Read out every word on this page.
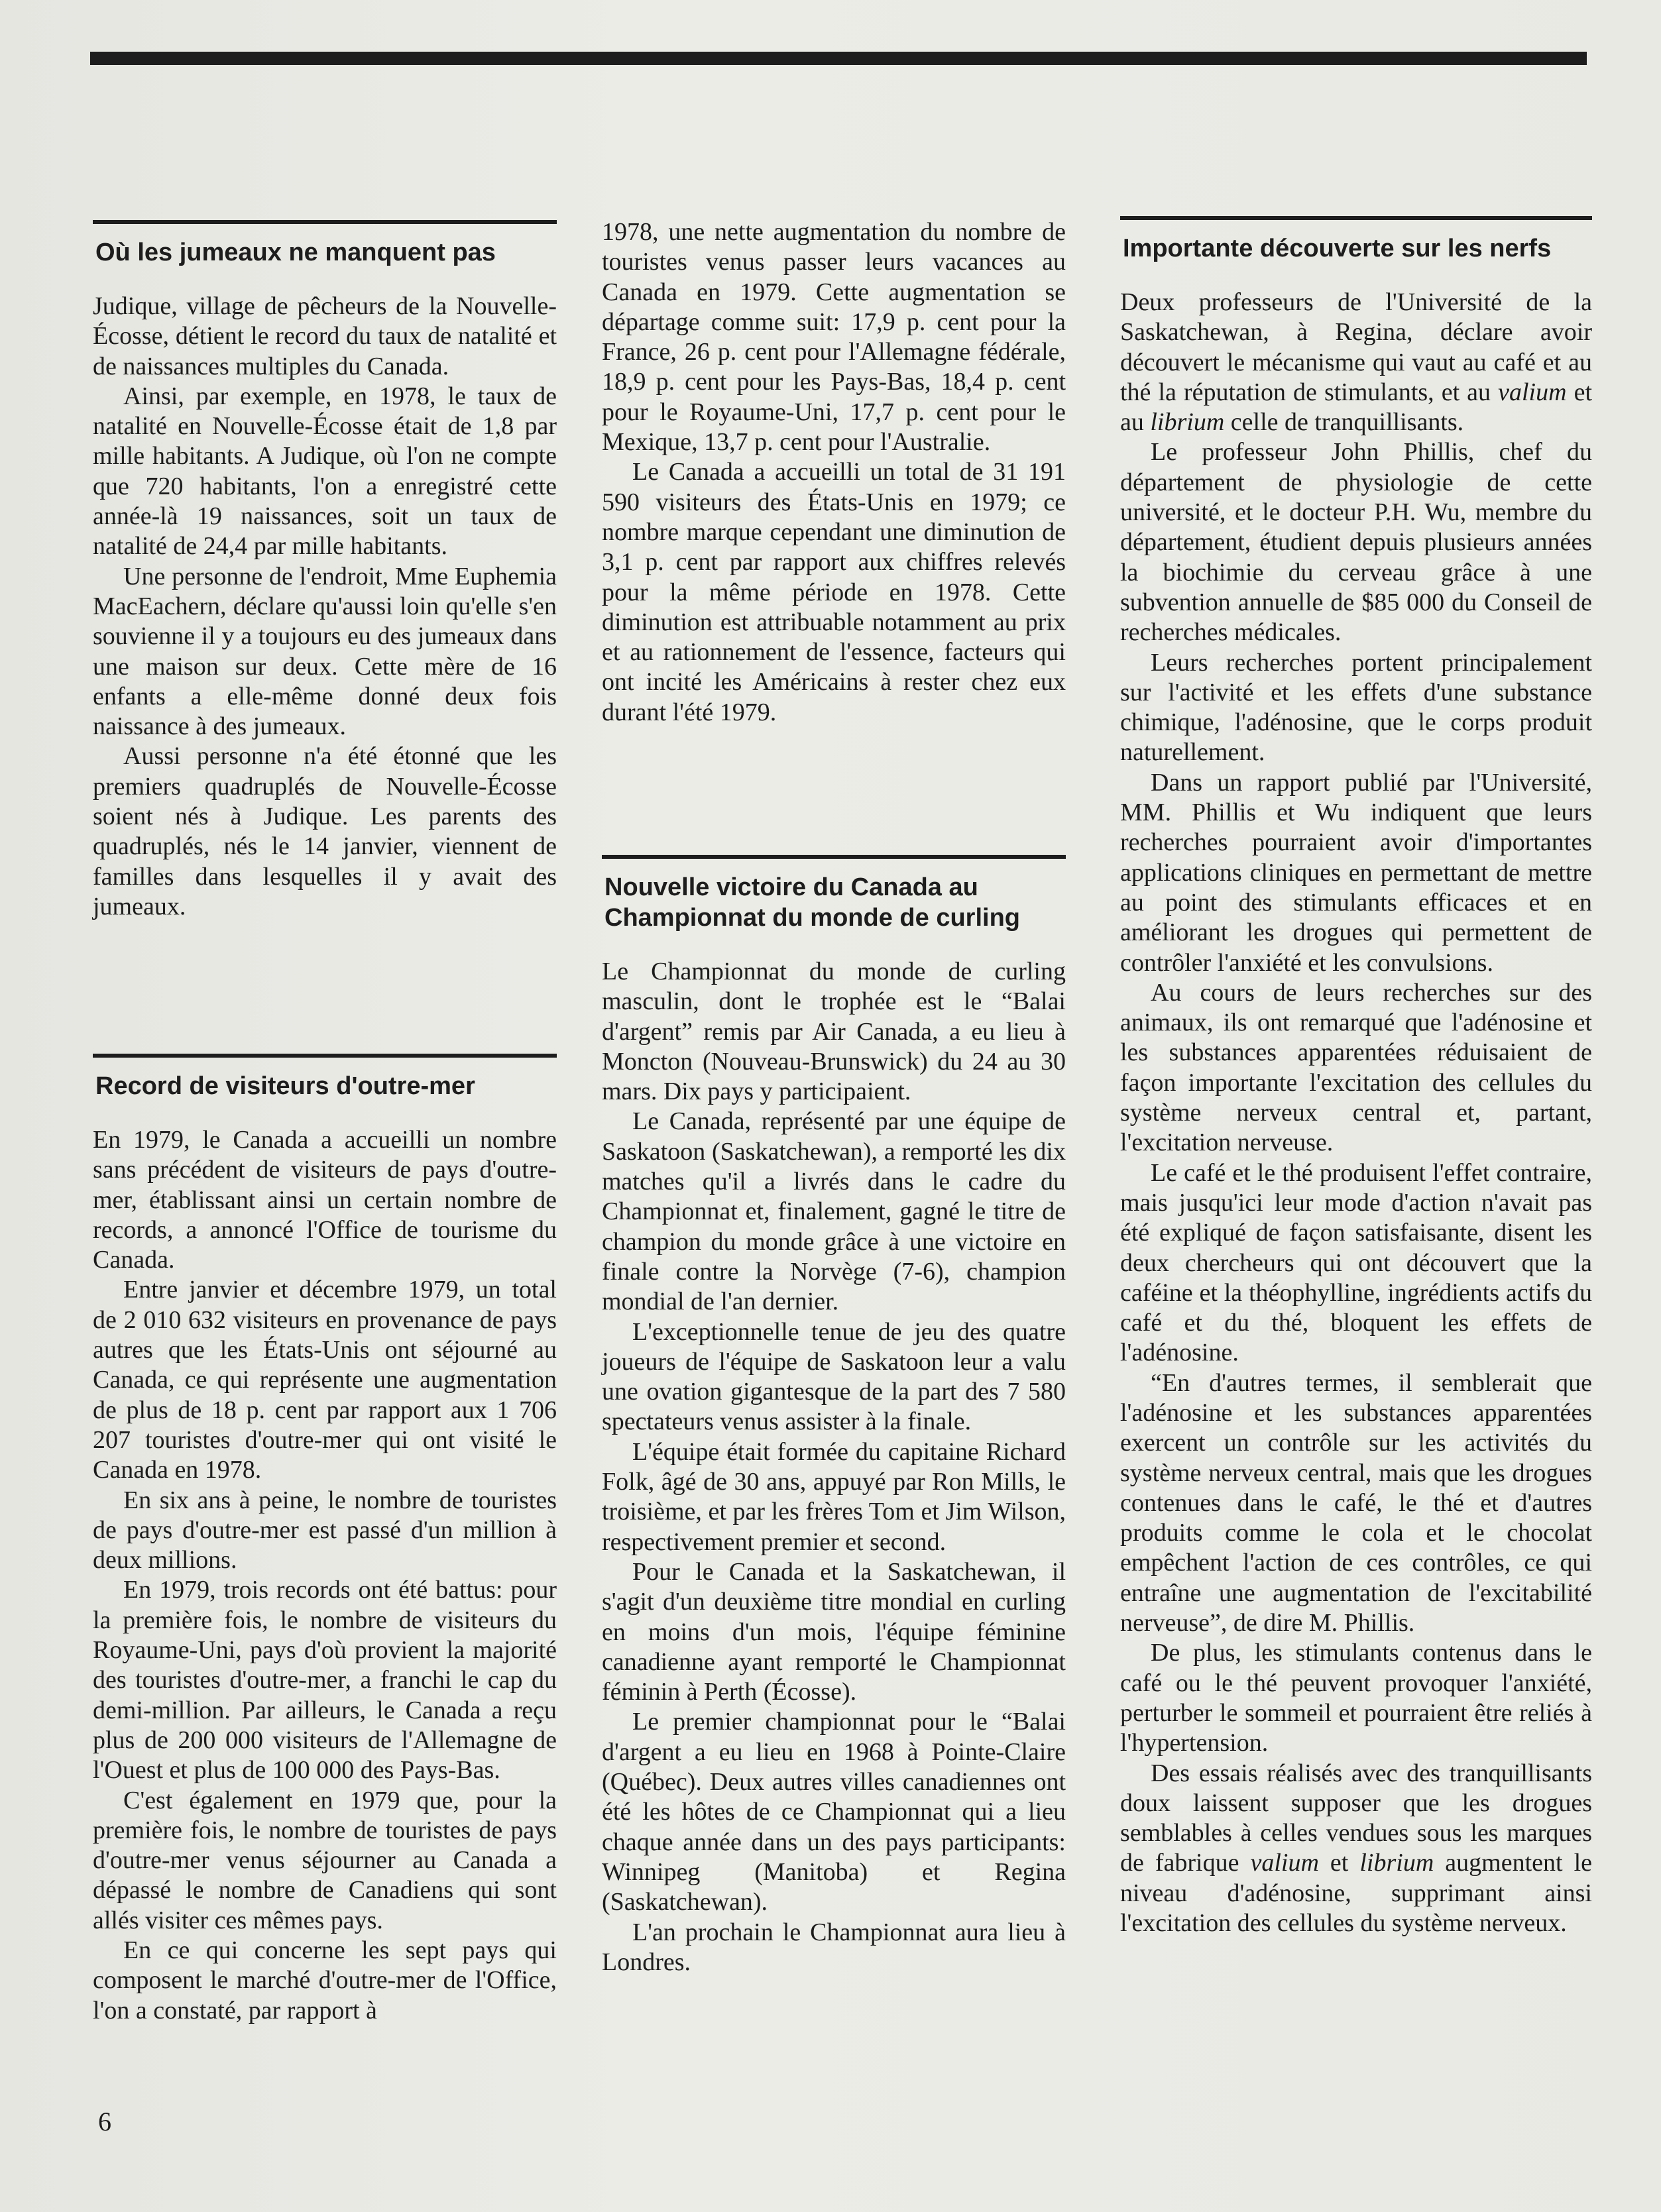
Où les jumeaux ne manquent pas

Judique, village de pêcheurs de la Nouvelle-Écosse, détient le record du taux de natalité et de naissances multiples du Canada.

Ainsi, par exemple, en 1978, le taux de natalité en Nouvelle-Écosse était de 1,8 par mille habitants. A Judique, où l'on ne compte que 720 habitants, l'on a enregistré cette année-là 19 naissances, soit un taux de natalité de 24,4 par mille habitants.

Une personne de l'endroit, Mme Euphemia MacEachern, déclare qu'aussi loin qu'elle s'en souvienne il y a toujours eu des jumeaux dans une maison sur deux. Cette mère de 16 enfants a elle-même donné deux fois naissance à des jumeaux.

Aussi personne n'a été étonné que les premiers quadruplés de Nouvelle-Écosse soient nés à Judique. Les parents des quadruplés, nés le 14 janvier, viennent de familles dans lesquelles il y avait des jumeaux.

Record de visiteurs d'outre-mer

En 1979, le Canada a accueilli un nombre sans précédent de visiteurs de pays d'outre-mer, établissant ainsi un certain nombre de records, a annoncé l'Office de tourisme du Canada.

Entre janvier et décembre 1979, un total de 2 010 632 visiteurs en provenance de pays autres que les États-Unis ont séjourné au Canada, ce qui représente une augmentation de plus de 18 p. cent par rapport aux 1 706 207 touristes d'outre-mer qui ont visité le Canada en 1978.

En six ans à peine, le nombre de touristes de pays d'outre-mer est passé d'un million à deux millions.

En 1979, trois records ont été battus: pour la première fois, le nombre de visiteurs du Royaume-Uni, pays d'où provient la majorité des touristes d'outre-mer, a franchi le cap du demi-million. Par ailleurs, le Canada a reçu plus de 200 000 visiteurs de l'Allemagne de l'Ouest et plus de 100 000 des Pays-Bas.

C'est également en 1979 que, pour la première fois, le nombre de touristes de pays d'outre-mer venus séjourner au Canada a dépassé le nombre de Canadiens qui sont allés visiter ces mêmes pays.

En ce qui concerne les sept pays qui composent le marché d'outre-mer de l'Office, l'on a constaté, par rapport à

1978, une nette augmentation du nombre de touristes venus passer leurs vacances au Canada en 1979. Cette augmentation se départage comme suit: 17,9 p. cent pour la France, 26 p. cent pour l'Allemagne fédérale, 18,9 p. cent pour les Pays-Bas, 18,4 p. cent pour le Royaume-Uni, 17,7 p. cent pour le Mexique, 13,7 p. cent pour l'Australie.

Le Canada a accueilli un total de 31 191 590 visiteurs des États-Unis en 1979; ce nombre marque cependant une diminution de 3,1 p. cent par rapport aux chiffres relevés pour la même période en 1978. Cette diminution est attribuable notamment au prix et au rationnement de l'essence, facteurs qui ont incité les Américains à rester chez eux durant l'été 1979.

Nouvelle victoire du Canada au Championnat du monde de curling

Le Championnat du monde de curling masculin, dont le trophée est le “Balai d'argent” remis par Air Canada, a eu lieu à Moncton (Nouveau-Brunswick) du 24 au 30 mars. Dix pays y participaient.

Le Canada, représenté par une équipe de Saskatoon (Saskatchewan), a remporté les dix matches qu'il a livrés dans le cadre du Championnat et, finalement, gagné le titre de champion du monde grâce à une victoire en finale contre la Norvège (7-6), champion mondial de l'an dernier.

L'exceptionnelle tenue de jeu des quatre joueurs de l'équipe de Saskatoon leur a valu une ovation gigantesque de la part des 7 580 spectateurs venus assister à la finale.

L'équipe était formée du capitaine Richard Folk, âgé de 30 ans, appuyé par Ron Mills, le troisième, et par les frères Tom et Jim Wilson, respectivement premier et second.

Pour le Canada et la Saskatchewan, il s'agit d'un deuxième titre mondial en curling en moins d'un mois, l'équipe féminine canadienne ayant remporté le Championnat féminin à Perth (Écosse).

Le premier championnat pour le “Balai d'argent a eu lieu en 1968 à Pointe-Claire (Québec). Deux autres villes canadiennes ont été les hôtes de ce Championnat qui a lieu chaque année dans un des pays participants: Winnipeg (Manitoba) et Regina (Saskatchewan).

L'an prochain le Championnat aura lieu à Londres.

Importante découverte sur les nerfs

Deux professeurs de l'Université de la Saskatchewan, à Regina, déclare avoir découvert le mécanisme qui vaut au café et au thé la réputation de stimulants, et au valium et au librium celle de tranquillisants.

Le professeur John Phillis, chef du département de physiologie de cette université, et le docteur P.H. Wu, membre du département, étudient depuis plusieurs années la biochimie du cerveau grâce à une subvention annuelle de $85 000 du Conseil de recherches médicales.

Leurs recherches portent principalement sur l'activité et les effets d'une substance chimique, l'adénosine, que le corps produit naturellement.

Dans un rapport publié par l'Université, MM. Phillis et Wu indiquent que leurs recherches pourraient avoir d'importantes applications cliniques en permettant de mettre au point des stimulants efficaces et en améliorant les drogues qui permettent de contrôler l'anxiété et les convulsions.

Au cours de leurs recherches sur des animaux, ils ont remarqué que l'adénosine et les substances apparentées réduisaient de façon importante l'excitation des cellules du système nerveux central et, partant, l'excitation nerveuse.

Le café et le thé produisent l'effet contraire, mais jusqu'ici leur mode d'action n'avait pas été expliqué de façon satisfaisante, disent les deux chercheurs qui ont découvert que la caféine et la théophylline, ingrédients actifs du café et du thé, bloquent les effets de l'adénosine.

“En d'autres termes, il semblerait que l'adénosine et les substances apparentées exercent un contrôle sur les activités du système nerveux central, mais que les drogues contenues dans le café, le thé et d'autres produits comme le cola et le chocolat empêchent l'action de ces contrôles, ce qui entraîne une augmentation de l'excitabilité nerveuse”, de dire M. Phillis.

De plus, les stimulants contenus dans le café ou le thé peuvent provoquer l'anxiété, perturber le sommeil et pourraient être reliés à l'hypertension.

Des essais réalisés avec des tranquillisants doux laissent supposer que les drogues semblables à celles vendues sous les marques de fabrique valium et librium augmentent le niveau d'adénosine, supprimant ainsi l'excitation des cellules du système nerveux.

6
